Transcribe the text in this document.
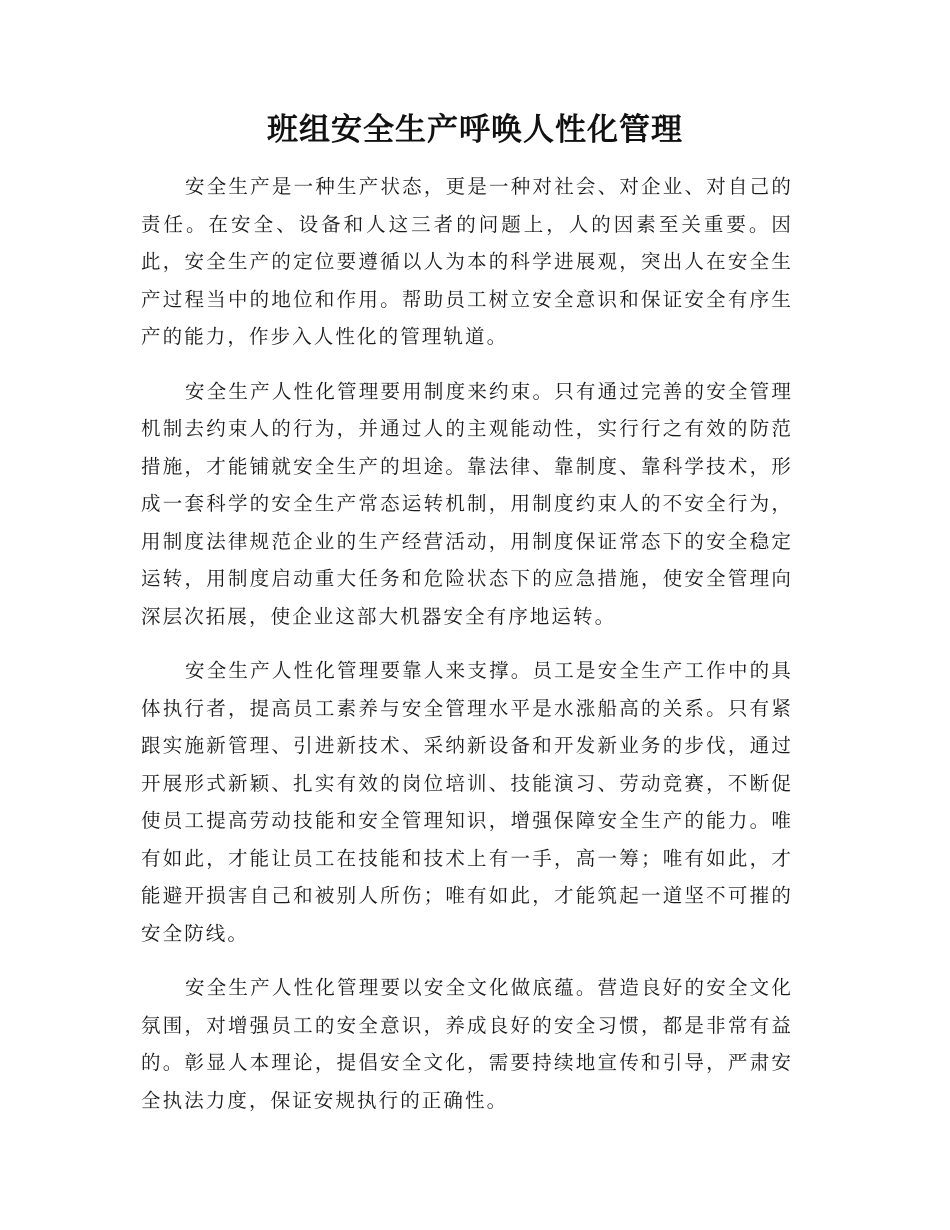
班组安全生产呼唤人性化管理

安全生产是一种生产状态，更是一种对社会、对企业、对自己的责任。在安全、设备和人这三者的问题上，人的因素至关重要。因此，安全生产的定位要遵循以人为本的科学进展观，突出人在安全生产过程当中的地位和作用。帮助员工树立安全意识和保证安全有序生产的能力，作步入人性化的管理轨道。

安全生产人性化管理要用制度来约束。只有通过完善的安全管理机制去约束人的行为，并通过人的主观能动性，实行行之有效的防范措施，才能铺就安全生产的坦途。靠法律、靠制度、靠科学技术，形成一套科学的安全生产常态运转机制，用制度约束人的不安全行为，用制度法律规范企业的生产经营活动，用制度保证常态下的安全稳定运转，用制度启动重大任务和危险状态下的应急措施，使安全管理向深层次拓展，使企业这部大机器安全有序地运转。

安全生产人性化管理要靠人来支撑。员工是安全生产工作中的具体执行者，提高员工素养与安全管理水平是水涨船高的关系。只有紧跟实施新管理、引进新技术、采纳新设备和开发新业务的步伐，通过开展形式新颖、扎实有效的岗位培训、技能演习、劳动竞赛，不断促使员工提高劳动技能和安全管理知识，增强保障安全生产的能力。唯有如此，才能让员工在技能和技术上有一手，高一筹；唯有如此，才能避开损害自己和被别人所伤；唯有如此，才能筑起一道坚不可摧的安全防线。

安全生产人性化管理要以安全文化做底蕴。营造良好的安全文化氛围，对增强员工的安全意识，养成良好的安全习惯，都是非常有益的。彰显人本理论，提倡安全文化，需要持续地宣传和引导，严肃安全执法力度，保证安规执行的正确性。
